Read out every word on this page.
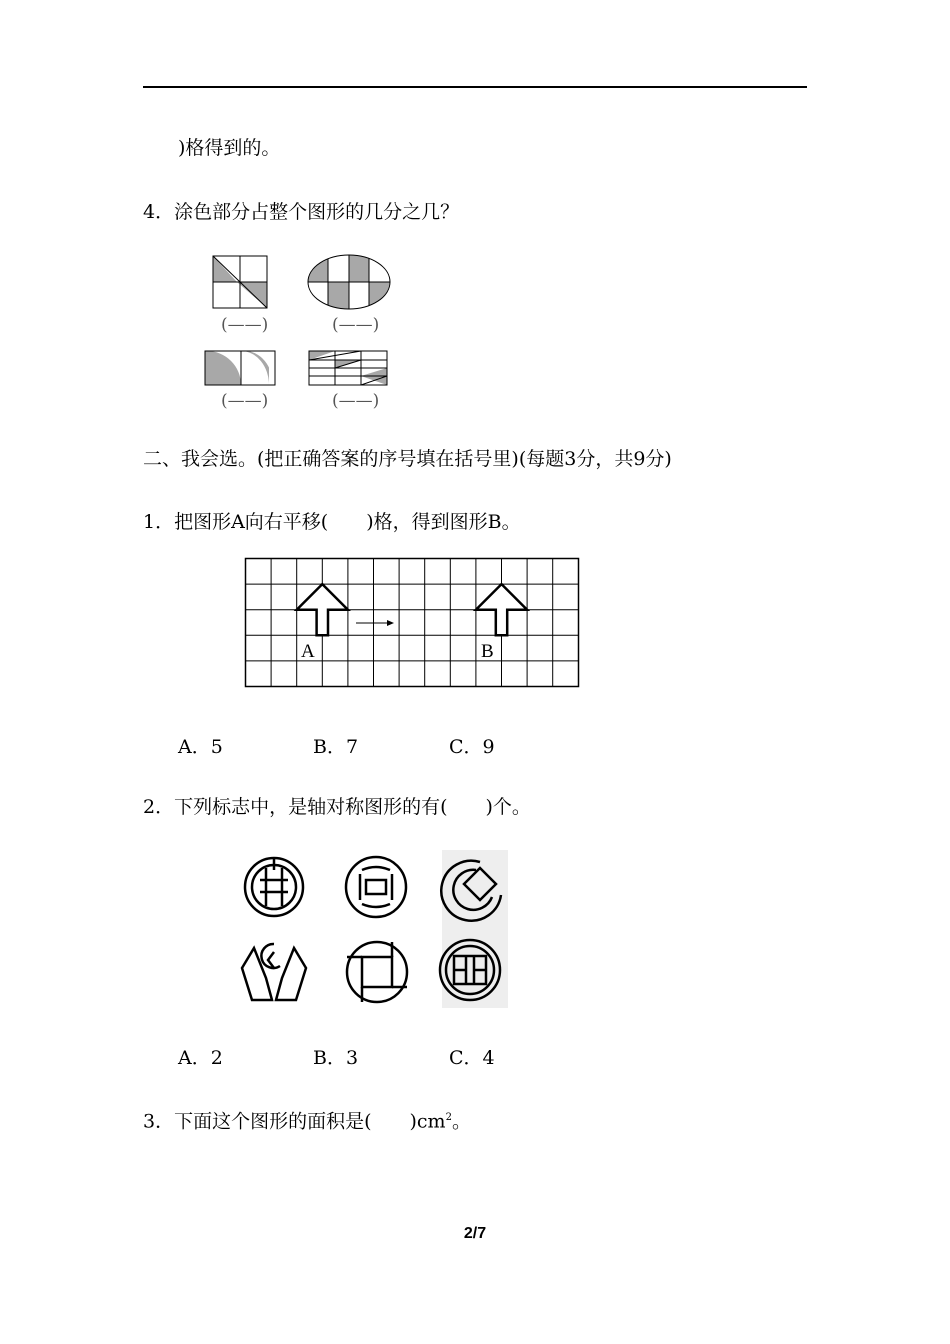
)格得到的。
4．涂色部分占整个图形的几分之几？
(——)	(——)
(——)	(——)
二、我会选。(把正确答案的序号填在括号里)(每题3分，共9分)
1．把图形A向右平移(　　)格，得到图形B。
A	B
A．5	B．7	C．9
2．下列标志中，是轴对称图形的有(　　)个。
A．2	B．3	C．4
3．下面这个图形的面积是(　　)$cm^2$。
2/7
